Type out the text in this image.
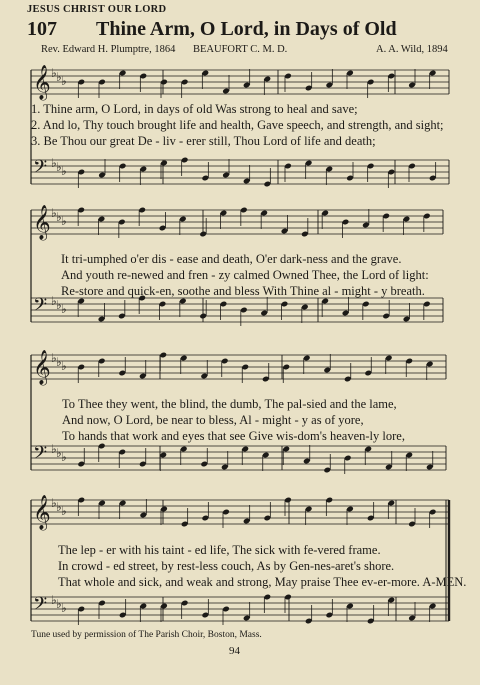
JESUS CHRIST OUR LORD
107 Thine Arm, O Lord, in Days of Old
Rev. Edward H. Plumptre, 1864 BEAUFORT C. M. D.	A. A. Wild, 1894
𝄞 ♭ ♭ ♭
𝄢 ♭ ♭ ♭
𝄞 ♭ ♭ ♭
𝄢 ♭ ♭ ♭
𝄞 ♭ ♭ ♭
𝄢 ♭ ♭ ♭
𝄞 ♭ ♭ ♭
𝄢 ♭ ♭ ♭
1. Thine arm, O Lord, in days of old Was strong to heal and save;
2. And lo, Thy touch brought life and health, Gave speech, and strength, and sight;
3. Be Thou our great De - liv - erer still, Thou Lord of life and death;
It tri-umphed o'er dis - ease and death, O'er dark-ness and the grave.
And youth re-newed and fren - zy calmed Owned Thee, the Lord of light:
Re-store and quick-en, soothe and bless With Thine al - might - y breath.
To Thee they went, the blind, the dumb, The pal-sied and the lame,
And now, O Lord, be near to bless, Al - might - y as of yore,
To hands that work and eyes that see Give wis-dom's heaven-ly lore,
The lep - er with his taint - ed life, The sick with fe-vered frame.
In crowd - ed street, by rest-less couch, As by Gen-nes-aret's shore.
That whole and sick, and weak and strong, May praise Thee ev-er-more. A-MEN.
Tune used by permission of The Parish Choir, Boston, Mass.
94
